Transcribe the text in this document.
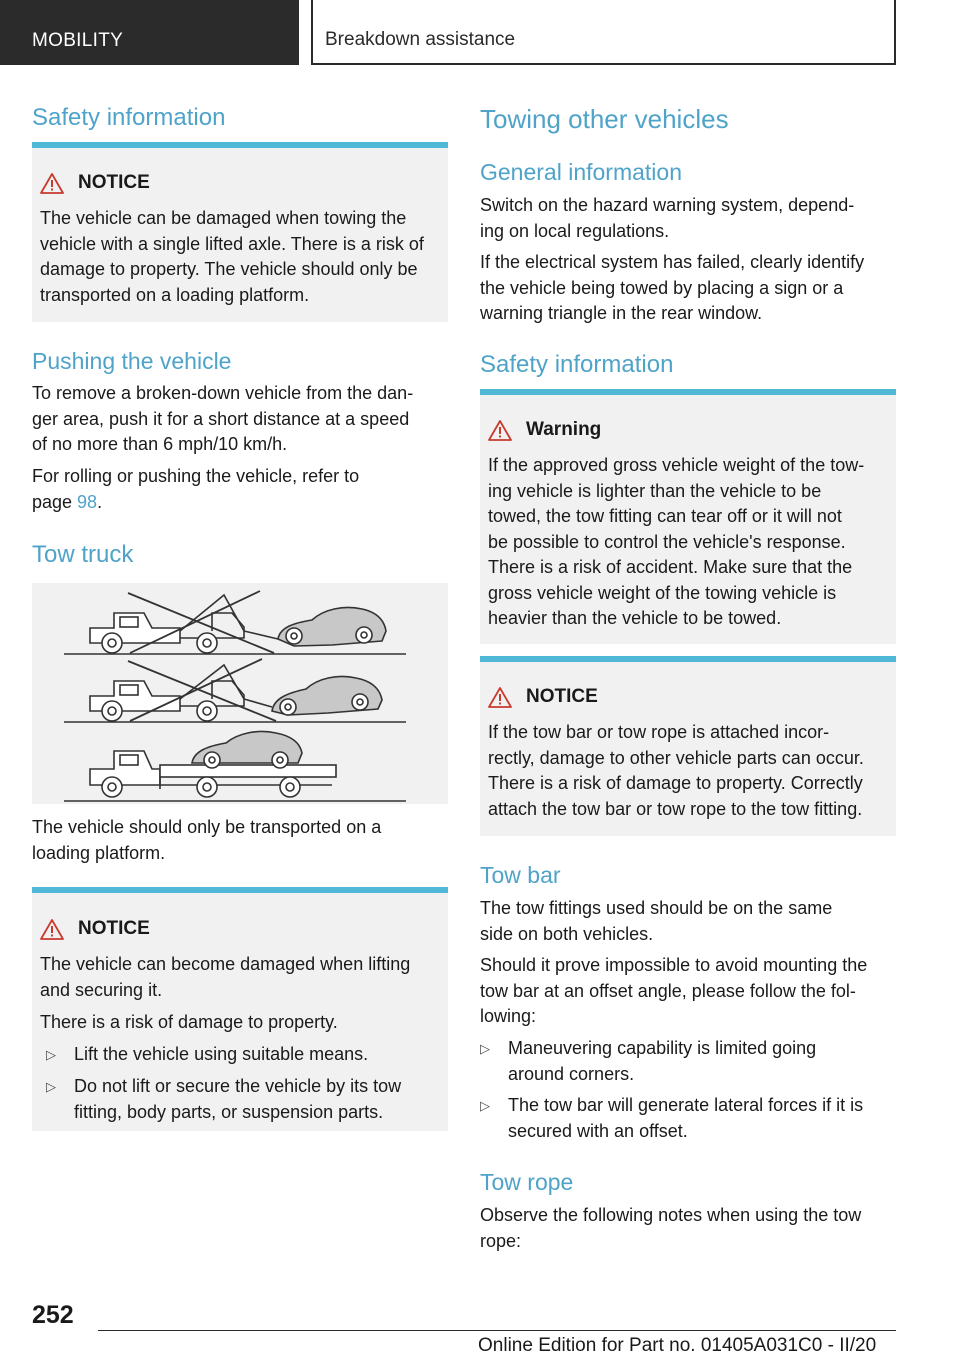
MOBILITY	Breakdown assistance
Safety information
NOTICE
The vehicle can be damaged when towing the
vehicle with a single lifted axle. There is a risk of
damage to property. The vehicle should only be
transported on a loading platform.
Pushing the vehicle
To remove a broken-down vehicle from the dan‐
ger area, push it for a short distance at a speed
of no more than 6 mph/10 km/h.
For rolling or pushing the vehicle, refer to
page 98.
Tow truck
The vehicle should only be transported on a
loading platform.
NOTICE
The vehicle can become damaged when lifting
and securing it.
There is a risk of damage to property.
▷ Lift the vehicle using suitable means.
▷ Do not lift or secure the vehicle by its tow
fitting, body parts, or suspension parts.
Towing other vehicles
General information
Switch on the hazard warning system, depend‐
ing on local regulations.
If the electrical system has failed, clearly identify
the vehicle being towed by placing a sign or a
warning triangle in the rear window.
Safety information
Warning
If the approved gross vehicle weight of the tow‐
ing vehicle is lighter than the vehicle to be
towed, the tow fitting can tear off or it will not
be possible to control the vehicle's response.
There is a risk of accident. Make sure that the
gross vehicle weight of the towing vehicle is
heavier than the vehicle to be towed.
NOTICE
If the tow bar or tow rope is attached incor‐
rectly, damage to other vehicle parts can occur.
There is a risk of damage to property. Correctly
attach the tow bar or tow rope to the tow fitting.
Tow bar
The tow fittings used should be on the same
side on both vehicles.
Should it prove impossible to avoid mounting the
tow bar at an offset angle, please follow the fol‐
lowing:
▷ Maneuvering capability is limited going
around corners.
▷ The tow bar will generate lateral forces if it is
secured with an offset.
Tow rope
Observe the following notes when using the tow
rope:
252
Online Edition for Part no. 01405A031C0 - II/20
